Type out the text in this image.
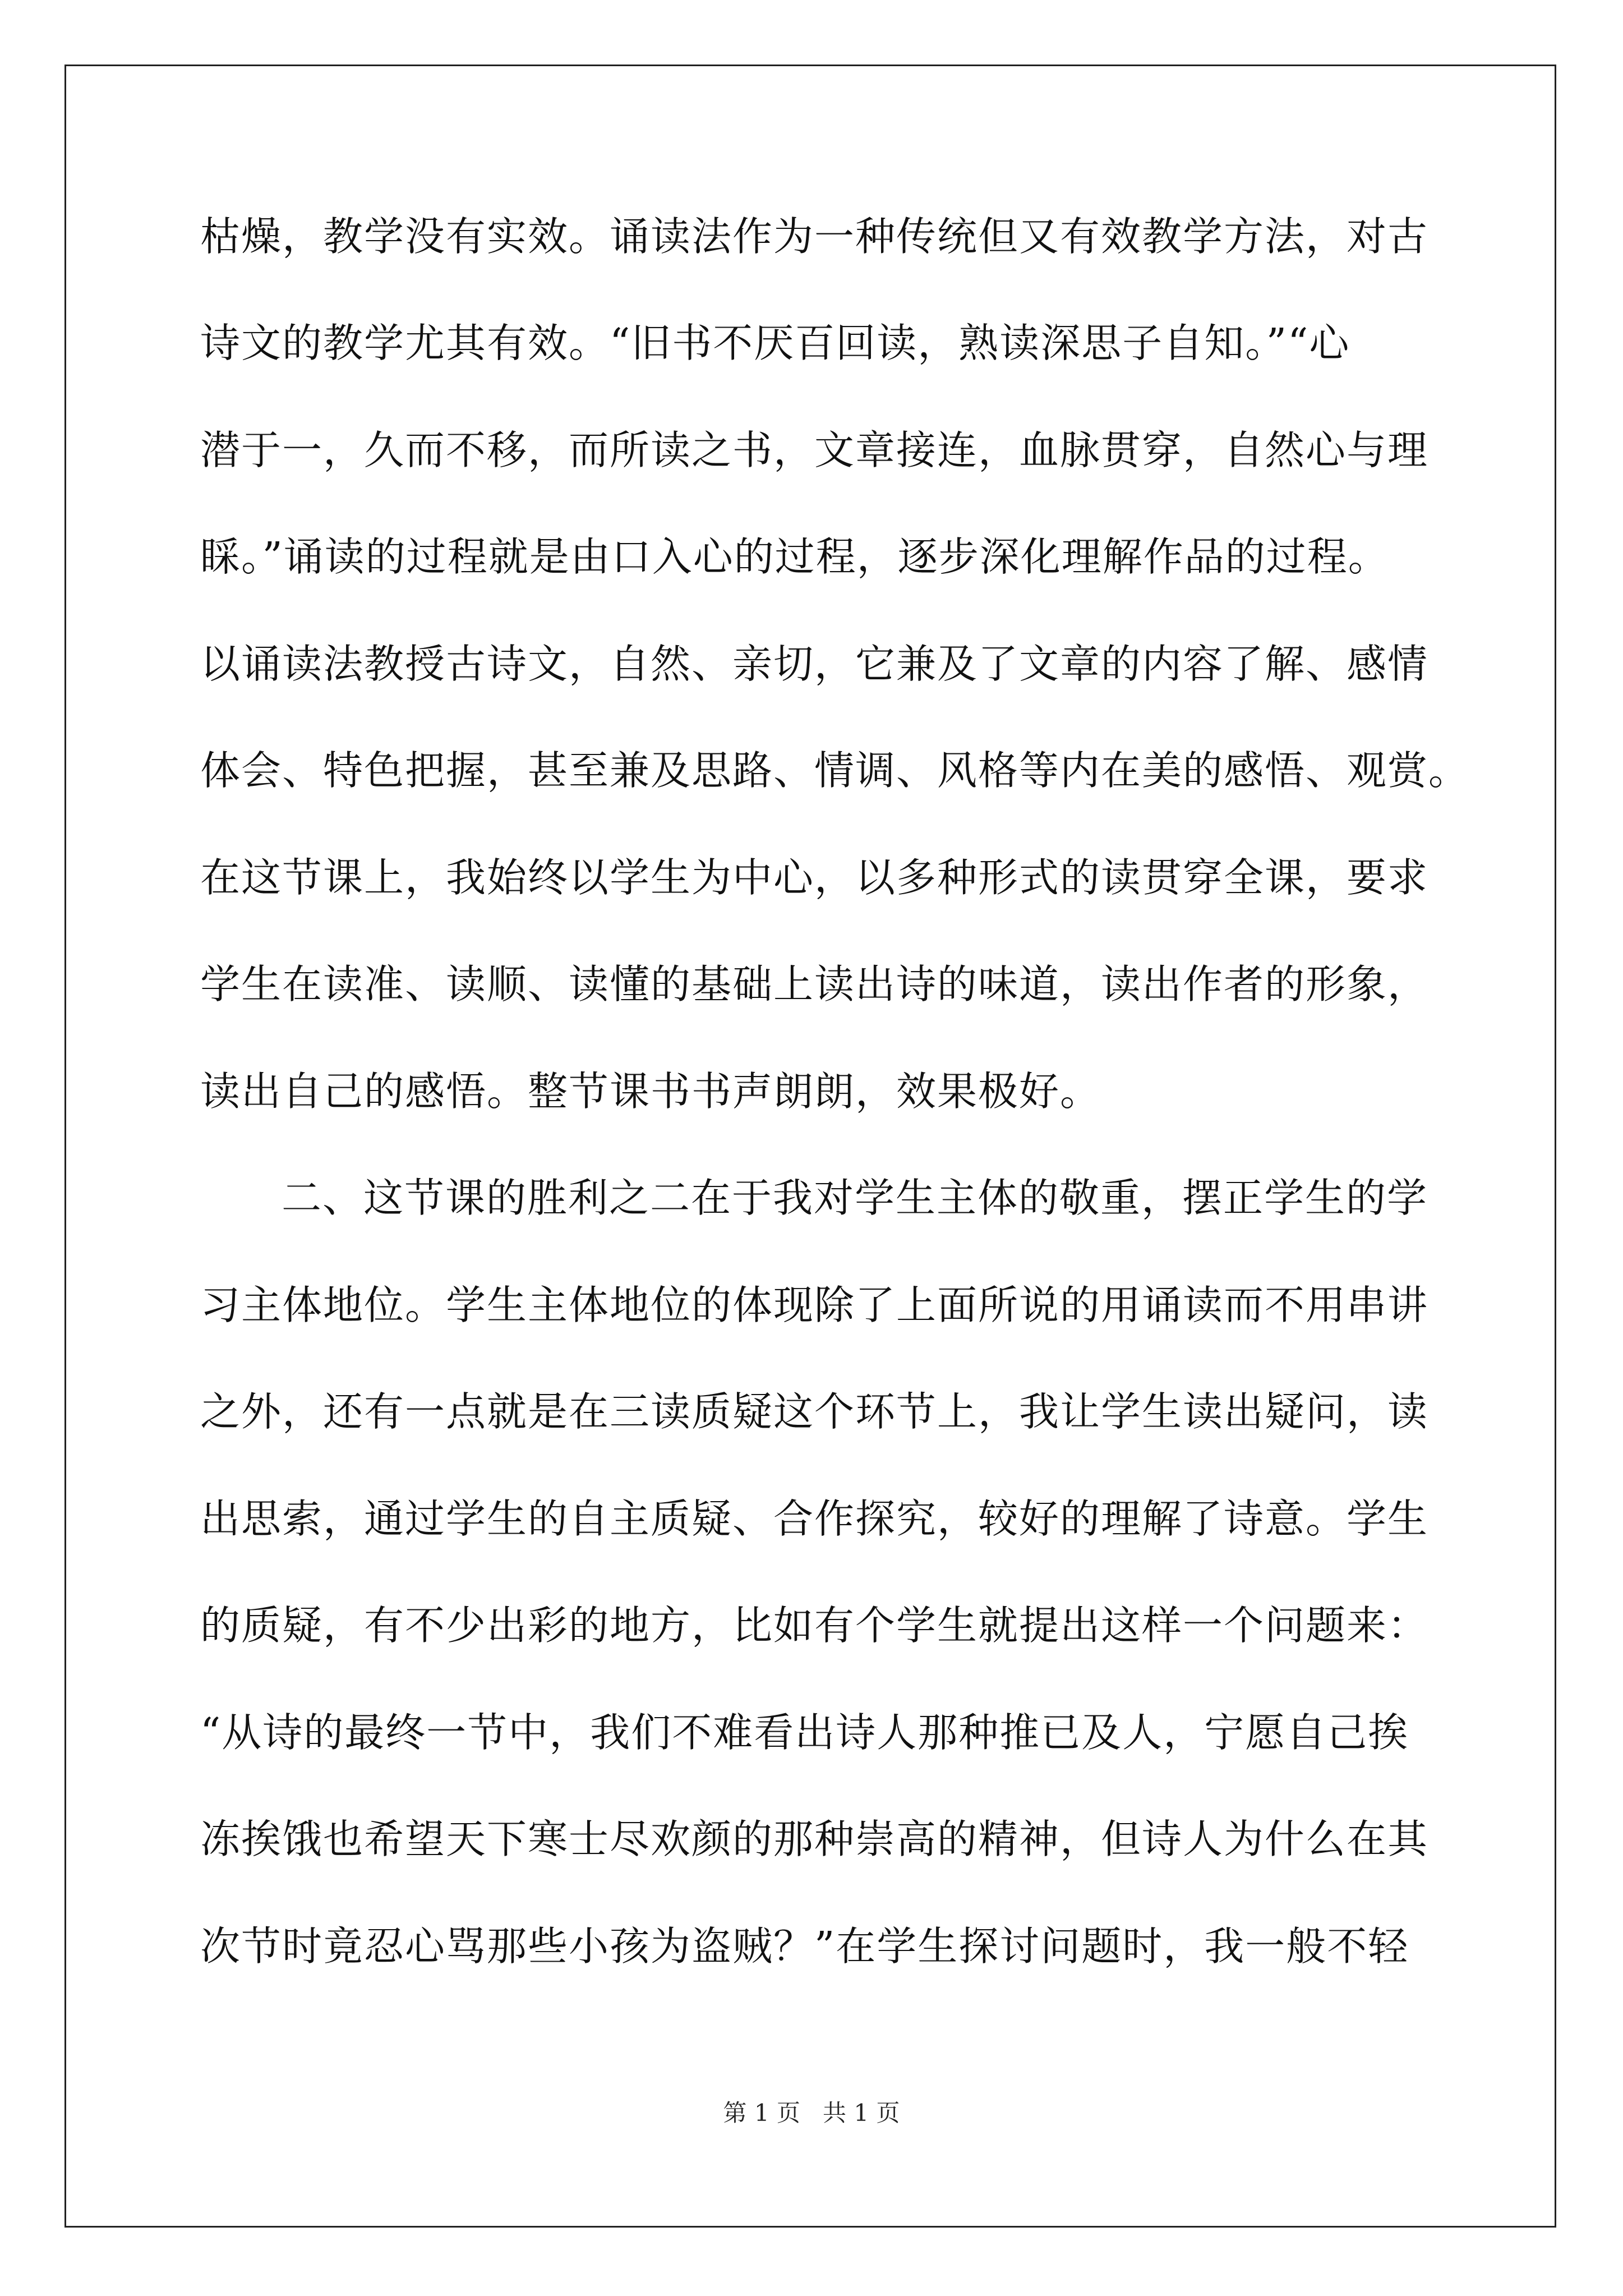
枯燥，教学没有实效。诵读法作为一种传统但又有效教学方法，对古
诗文的教学尤其有效。“旧书不厌百回读，熟读深思子自知。”“心
潜于一，久而不移，而所读之书，文章接连，血脉贯穿，自然心与理
睬。”诵读的过程就是由口入心的过程，逐步深化理解作品的过程。
以诵读法教授古诗文，自然、亲切，它兼及了文章的内容了解、感情
体会、特色把握，甚至兼及思路、情调、风格等内在美的感悟、观赏。
在这节课上，我始终以学生为中心，以多种形式的读贯穿全课，要求
学生在读准、读顺、读懂的基础上读出诗的味道，读出作者的形象，
读出自己的感悟。整节课书书声朗朗，效果极好。
二、这节课的胜利之二在于我对学生主体的敬重，摆正学生的学
习主体地位。学生主体地位的体现除了上面所说的用诵读而不用串讲
之外，还有一点就是在三读质疑这个环节上，我让学生读出疑问，读
出思索，通过学生的自主质疑、合作探究，较好的理解了诗意。学生
的质疑，有不少出彩的地方，比如有个学生就提出这样一个问题来：
“从诗的最终一节中，我们不难看出诗人那种推已及人，宁愿自己挨
冻挨饿也希望天下寒士尽欢颜的那种崇高的精神，但诗人为什么在其
次节时竟忍心骂那些小孩为盗贼？”在学生探讨问题时，我一般不轻
第 1 页   共 1 页
